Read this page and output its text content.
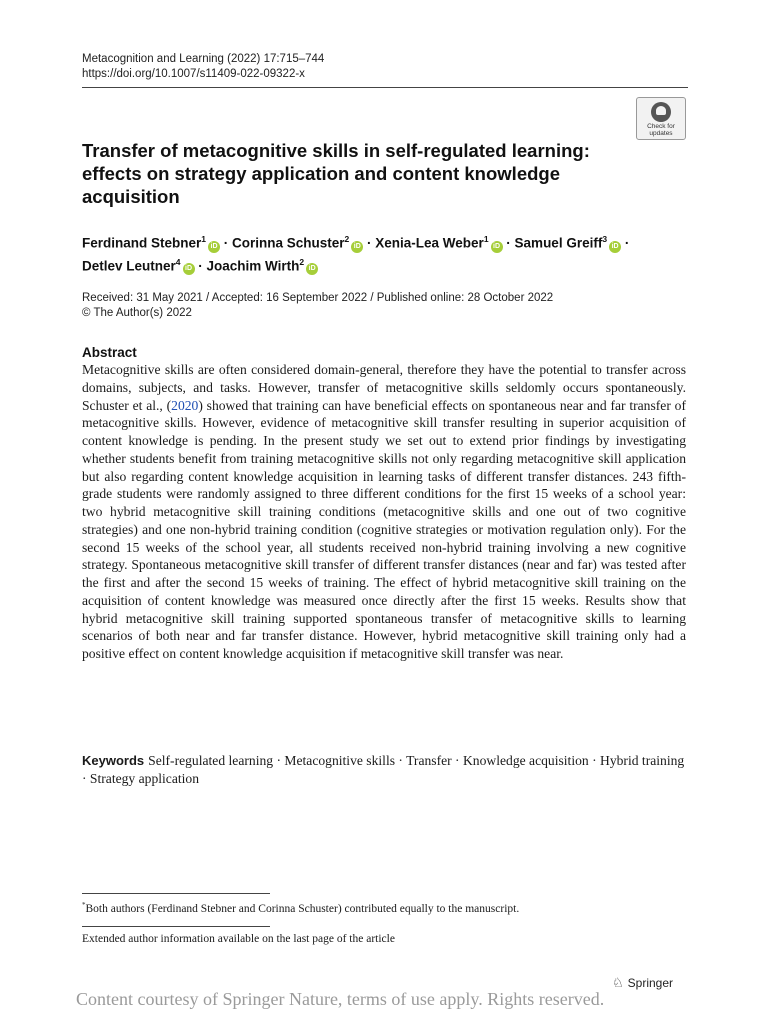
Metacognition and Learning (2022) 17:715–744
https://doi.org/10.1007/s11409-022-09322-x
Check for
updates
Transfer of metacognitive skills in self-regulated learning: effects on strategy application and content knowledge acquisition
Ferdinand Stebner$^1$iD · Corinna Schuster$^2$iD · Xenia-Lea Weber$^1$iD · Samuel Greiff$^3$iD ·
Detlev Leutner$^4$iD · Joachim Wirth$^2$iD
Received: 31 May 2021 / Accepted: 16 September 2022 / Published online: 28 October 2022
© The Author(s) 2022
Abstract
Metacognitive skills are often considered domain-general, therefore they have the potential to transfer across domains, subjects, and tasks. However, transfer of metacognitive skills seldomly occurs spontaneously. Schuster et al., (2020) showed that training can have beneficial effects on spontaneous near and far transfer of metacognitive skills. However, evidence of metacognitive skill transfer resulting in superior acquisition of content knowledge is pending. In the present study we set out to extend prior findings by investigating whether students benefit from training metacognitive skills not only regarding metacognitive skill application but also regarding content knowledge acquisition in learning tasks of different transfer distances. 243 fifth-grade students were randomly assigned to three different conditions for the first 15 weeks of a school year: two hybrid metacognitive skill training conditions (metacognitive skills and one out of two cognitive strategies) and one non-hybrid training condition (cognitive strategies or motivation regulation only). For the second 15 weeks of the school year, all students received non-hybrid training involving a new cognitive strategy. Spontaneous metacognitive skill transfer of different transfer distances (near and far) was tested after the first and after the second 15 weeks of training. The effect of hybrid metacognitive skill training on the acquisition of content knowledge was measured once directly after the first 15 weeks. Results show that hybrid metacognitive skill training supported spontaneous transfer of metacognitive skills to learning scenarios of both near and far transfer distance. However, hybrid metacognitive skill training only had a positive effect on content knowledge acquisition if metacognitive skill transfer was near.
Keywords Self-regulated learning · Metacognitive skills · Transfer · Knowledge acquisition · Hybrid training · Strategy application
*Both authors (Ferdinand Stebner and Corinna Schuster) contributed equally to the manuscript.
Extended author information available on the last page of the article
♘ Springer
Content courtesy of Springer Nature, terms of use apply. Rights reserved.
